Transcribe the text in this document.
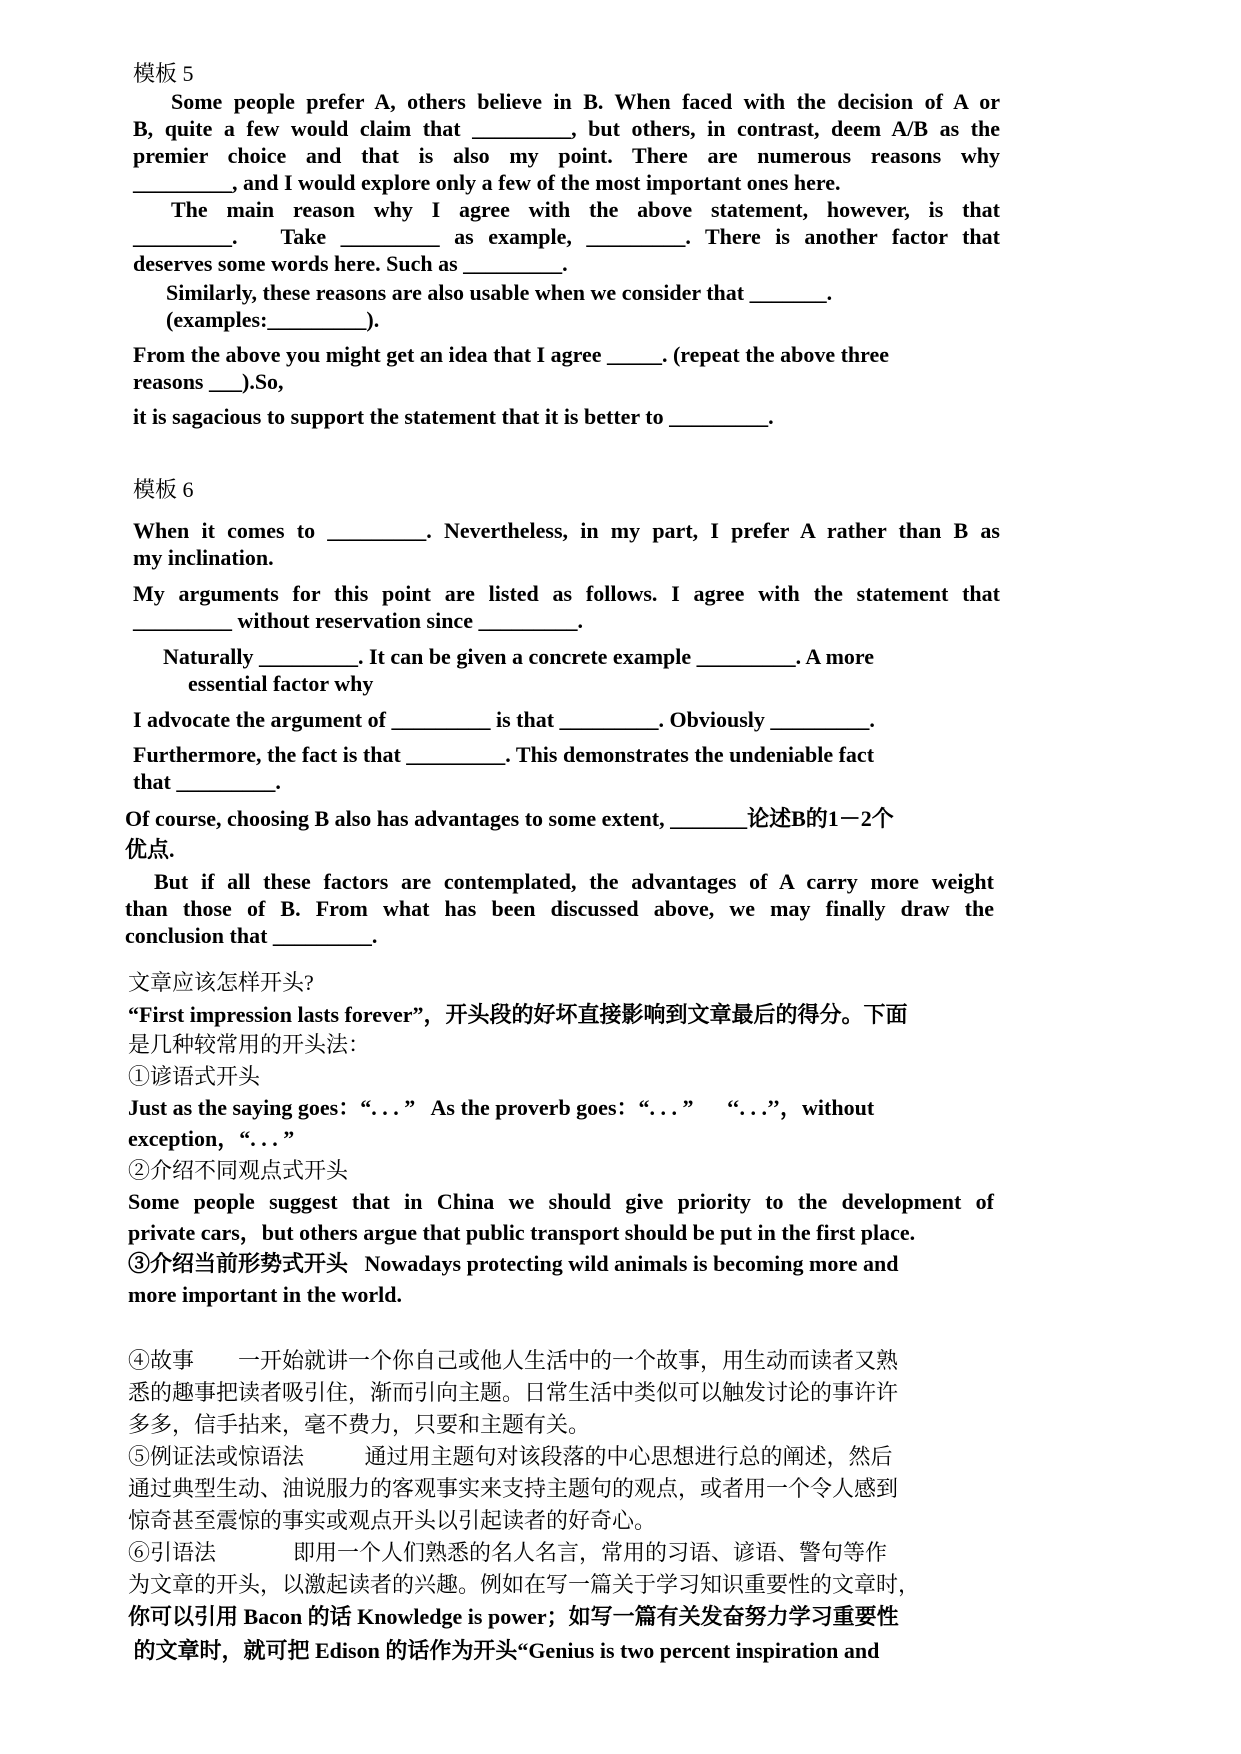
模板 5
Some people prefer A, others believe in B. When faced with the decision of A or
B, quite a few would claim that _________, but others, in contrast, deem A/B as the
premier choice and that is also my point. There are numerous reasons why
_________, and I would explore only a few of the most important ones here.
The main reason why I agree with the above statement, however, is that
_________.   Take _________ as example, _________. There is another factor that
deserves some words here. Such as _________.
Similarly, these reasons are also usable when we consider that _______.
(examples:_________).
From the above you might get an idea that I agree _____. (repeat the above three
reasons ___).So,
it is sagacious to support the statement that it is better to _________.
模板 6
When it comes to _________. Nevertheless, in my part, I prefer A rather than B as
my inclination.
My arguments for this point are listed as follows. I agree with the statement that
_________ without reservation since _________.
Naturally _________. It can be given a concrete example _________. A more
essential factor why
I advocate the argument of _________ is that _________. Obviously _________.
Furthermore, the fact is that _________. This demonstrates the undeniable fact
that _________.
Of course, choosing B also has advantages to some extent, _______论述B的1－2个
优点.
But if all these factors are contemplated, the advantages of A carry more weight
than those of B. From what has been discussed above, we may finally draw the
conclusion that _________.
文章应该怎样开头?
“First impression lasts forever”，开头段的好坏直接影响到文章最后的得分。下面
是几种较常用的开头法：
①谚语式开头
Just as the saying goes：“. . . ”   As the proverb goes：“. . . ”      ‘‘. . .’’，without
exception，“. . . ”
②介绍不同观点式开头
Some people suggest that in China we should give priority to the development of
private cars，but others argue that public transport should be put in the first place.
③介绍当前形势式开头   Nowadays protecting wild animals is becoming more and
more important in the world.
④故事        一开始就讲一个你自己或他人生活中的一个故事，用生动而读者又熟
悉的趣事把读者吸引住，渐而引向主题。日常生活中类似可以触发讨论的事许许
多多，信手拈来，毫不费力，只要和主题有关。
⑤例证法或惊语法           通过用主题句对该段落的中心思想进行总的阐述，然后
通过典型生动、油说服力的客观事实来支持主题句的观点，或者用一个令人感到
惊奇甚至震惊的事实或观点开头以引起读者的好奇心。
⑥引语法              即用一个人们熟悉的名人名言，常用的习语、谚语、警句等作
为文章的开头，以激起读者的兴趣。例如在写一篇关于学习知识重要性的文章时，
你可以引用 Bacon 的话 Knowledge is power；如写一篇有关发奋努力学习重要性
的文章时，就可把 Edison 的话作为开头“Genius is two percent inspiration and
